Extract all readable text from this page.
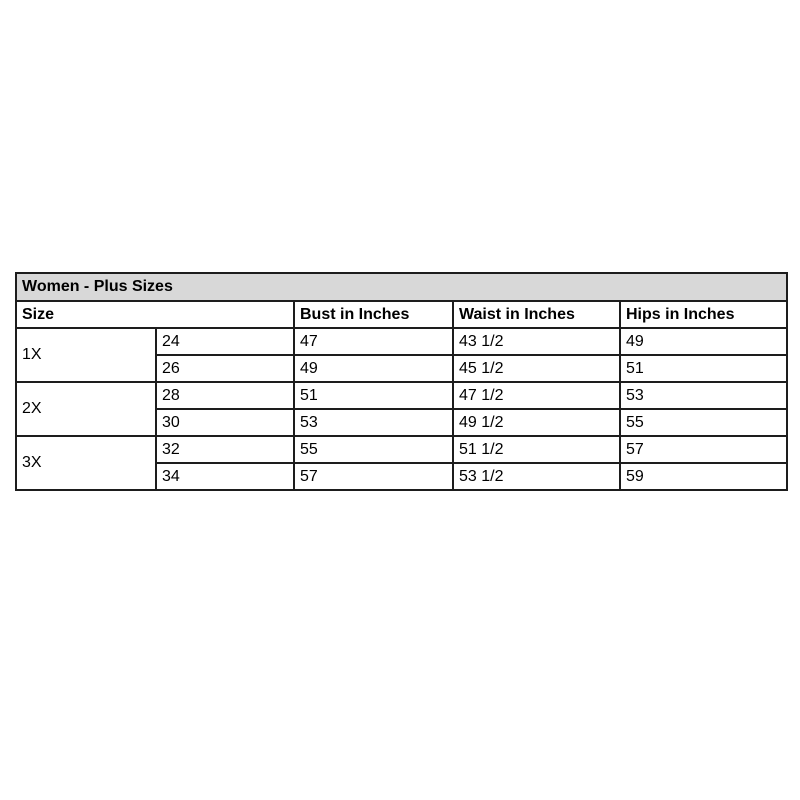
Women - Plus Sizes				
Size		Bust in Inches	Waist in Inches	Hips in Inches
1X	24	47	43 1/2	49
	26	49	45 1/2	51
2X	28	51	47 1/2	53
	30	53	49 1/2	55
3X	32	55	51 1/2	57
	34	57	53 1/2	59
